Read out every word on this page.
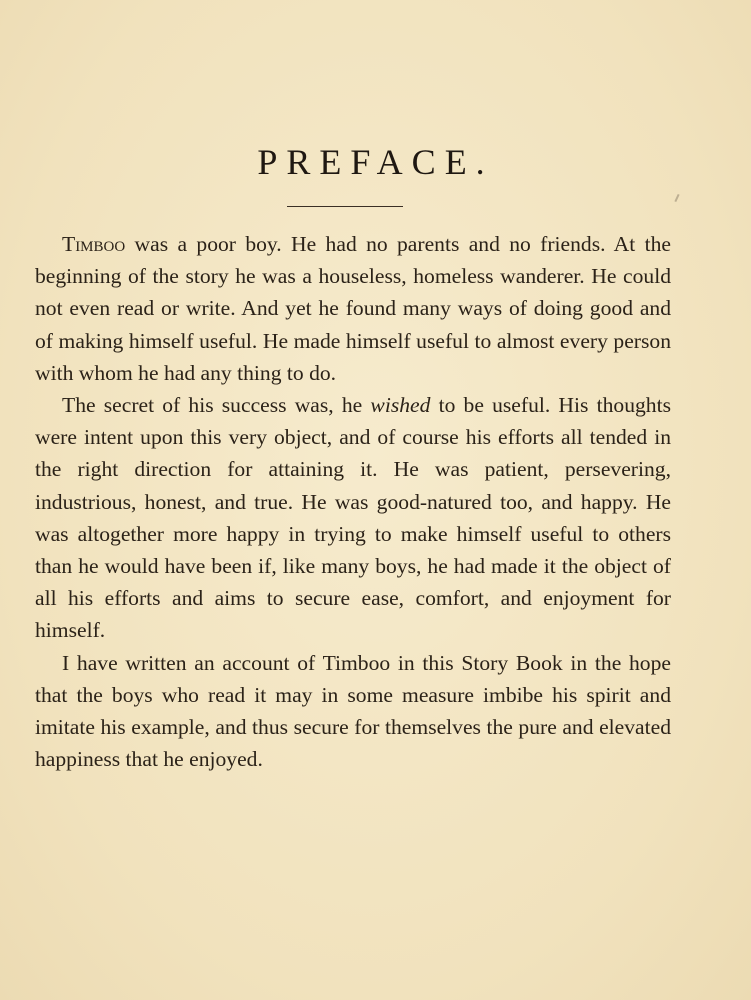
PREFACE.

Timboo was a poor boy. He had no parents and no friends. At the beginning of the story he was a houseless, homeless wanderer. He could not even read or write. And yet he found many ways of doing good and of making himself useful. He made himself useful to almost every person with whom he had any thing to do.

The secret of his success was, he wished to be useful. His thoughts were intent upon this very object, and of course his efforts all tended in the right direction for attaining it. He was patient, persevering, industrious, honest, and true. He was good-natured too, and happy. He was altogether more happy in trying to make himself useful to others than he would have been if, like many boys, he had made it the object of all his efforts and aims to secure ease, comfort, and enjoyment for himself.

I have written an account of Timboo in this Story Book in the hope that the boys who read it may in some measure imbibe his spirit and imitate his example, and thus secure for themselves the pure and elevated happiness that he enjoyed.
